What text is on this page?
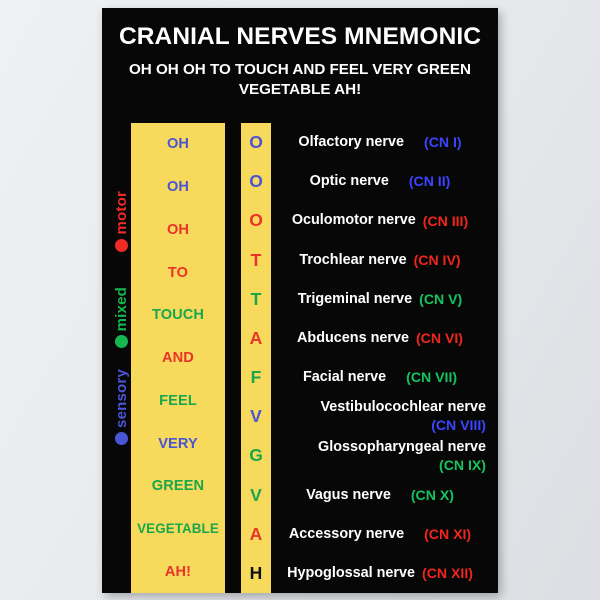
CRANIAL NERVES MNEMONIC
OH OH OH TO TOUCH AND FEEL VERY GREEN VEGETABLE AH!
motor
mixed
sensory
OH
OH
OH
TO
TOUCH
AND
FEEL
VERY
GREEN
VEGETABLE
AH!
O
O
O
T
T
A
F
V
G
V
A
H
Olfactory nerve (CN I)
Optic nerve (CN II)
Oculomotor nerve (CN III)
Trochlear nerve (CN IV)
Trigeminal nerve (CN V)
Abducens nerve (CN VI)
Facial nerve (CN VII)
Vestibulocochlear nerve
(CN VIII)
Glossopharyngeal nerve
(CN IX)
Vagus nerve (CN X)
Accessory nerve (CN XI)
Hypoglossal nerve (CN XII)
